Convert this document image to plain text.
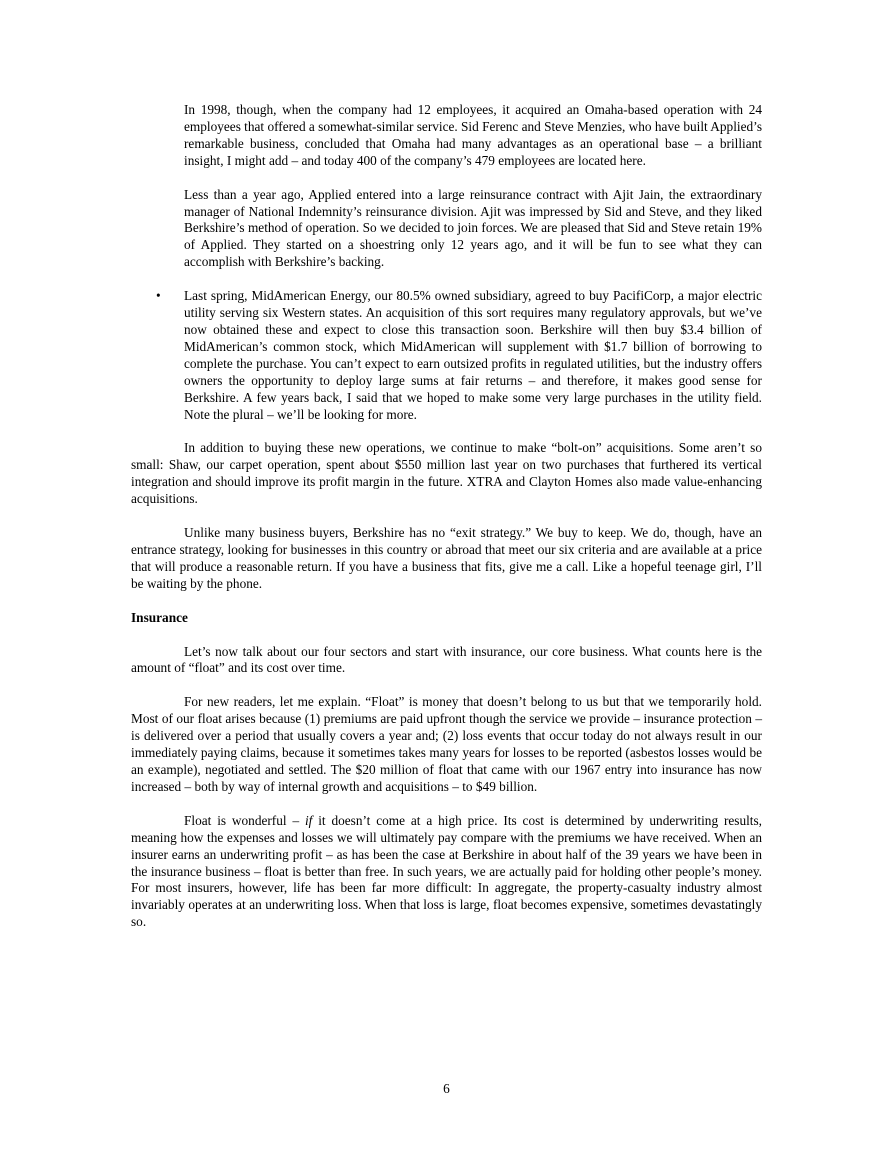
In 1998, though, when the company had 12 employees, it acquired an Omaha-based operation with 24 employees that offered a somewhat-similar service. Sid Ferenc and Steve Menzies, who have built Applied’s remarkable business, concluded that Omaha had many advantages as an operational base – a brilliant insight, I might add – and today 400 of the company’s 479 employees are located here.

Less than a year ago, Applied entered into a large reinsurance contract with Ajit Jain, the extraordinary manager of National Indemnity’s reinsurance division. Ajit was impressed by Sid and Steve, and they liked Berkshire’s method of operation. So we decided to join forces. We are pleased that Sid and Steve retain 19% of Applied. They started on a shoestring only 12 years ago, and it will be fun to see what they can accomplish with Berkshire’s backing.

• Last spring, MidAmerican Energy, our 80.5% owned subsidiary, agreed to buy PacifiCorp, a major electric utility serving six Western states. An acquisition of this sort requires many regulatory approvals, but we’ve now obtained these and expect to close this transaction soon. Berkshire will then buy $3.4 billion of MidAmerican’s common stock, which MidAmerican will supplement with $1.7 billion of borrowing to complete the purchase. You can’t expect to earn outsized profits in regulated utilities, but the industry offers owners the opportunity to deploy large sums at fair returns – and therefore, it makes good sense for Berkshire. A few years back, I said that we hoped to make some very large purchases in the utility field. Note the plural – we’ll be looking for more.

In addition to buying these new operations, we continue to make “bolt-on” acquisitions. Some aren’t so small: Shaw, our carpet operation, spent about $550 million last year on two purchases that furthered its vertical integration and should improve its profit margin in the future. XTRA and Clayton Homes also made value-enhancing acquisitions.

Unlike many business buyers, Berkshire has no “exit strategy.” We buy to keep. We do, though, have an entrance strategy, looking for businesses in this country or abroad that meet our six criteria and are available at a price that will produce a reasonable return. If you have a business that fits, give me a call. Like a hopeful teenage girl, I’ll be waiting by the phone.

Insurance

Let’s now talk about our four sectors and start with insurance, our core business. What counts here is the amount of “float” and its cost over time.

For new readers, let me explain. “Float” is money that doesn’t belong to us but that we temporarily hold. Most of our float arises because (1) premiums are paid upfront though the service we provide – insurance protection – is delivered over a period that usually covers a year and; (2) loss events that occur today do not always result in our immediately paying claims, because it sometimes takes many years for losses to be reported (asbestos losses would be an example), negotiated and settled. The $20 million of float that came with our 1967 entry into insurance has now increased – both by way of internal growth and acquisitions – to $49 billion.

Float is wonderful – if it doesn’t come at a high price. Its cost is determined by underwriting results, meaning how the expenses and losses we will ultimately pay compare with the premiums we have received. When an insurer earns an underwriting profit – as has been the case at Berkshire in about half of the 39 years we have been in the insurance business – float is better than free. In such years, we are actually paid for holding other people’s money. For most insurers, however, life has been far more difficult: In aggregate, the property-casualty industry almost invariably operates at an underwriting loss. When that loss is large, float becomes expensive, sometimes devastatingly so.

6
